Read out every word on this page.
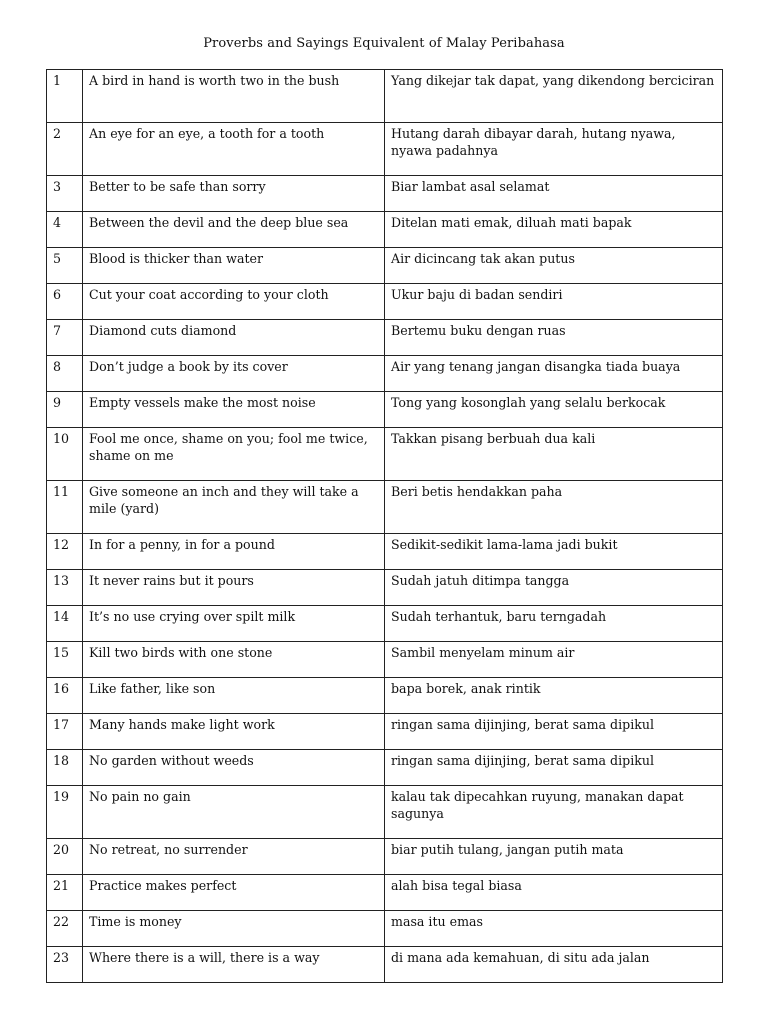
Proverbs and Sayings Equivalent of Malay Peribahasa
1	A bird in hand is worth two in the bush	Yang dikejar tak dapat, yang dikendong berciciran
2	An eye for an eye, a tooth for a tooth	Hutang darah dibayar darah, hutang nyawa, nyawa padahnya
3	Better to be safe than sorry	Biar lambat asal selamat
4	Between the devil and the deep blue sea	Ditelan mati emak, diluah mati bapak
5	Blood is thicker than water	Air dicincang tak akan putus
6	Cut your coat according to your cloth	Ukur baju di badan sendiri
7	Diamond cuts diamond	Bertemu buku dengan ruas
8	Don’t judge a book by its cover	Air yang tenang jangan disangka tiada buaya
9	Empty vessels make the most noise	Tong yang kosonglah yang selalu berkocak
10	Fool me once, shame on you; fool me twice, shame on me	Takkan pisang berbuah dua kali
11	Give someone an inch and they will take a mile (yard)	Beri betis hendakkan paha
12	In for a penny, in for a pound	Sedikit-sedikit lama-lama jadi bukit
13	It never rains but it pours	Sudah jatuh ditimpa tangga
14	It’s no use crying over spilt milk	Sudah terhantuk, baru terngadah
15	Kill two birds with one stone	Sambil menyelam minum air
16	Like father, like son	bapa borek, anak rintik
17	Many hands make light work	ringan sama dijinjing, berat sama dipikul
18	No garden without weeds	ringan sama dijinjing, berat sama dipikul
19	No pain no gain	kalau tak dipecahkan ruyung, manakan dapat sagunya
20	No retreat, no surrender	biar putih tulang, jangan putih mata
21	Practice makes perfect	alah bisa tegal biasa
22	Time is money	masa itu emas
23	Where there is a will, there is a way	di mana ada kemahuan, di situ ada jalan
